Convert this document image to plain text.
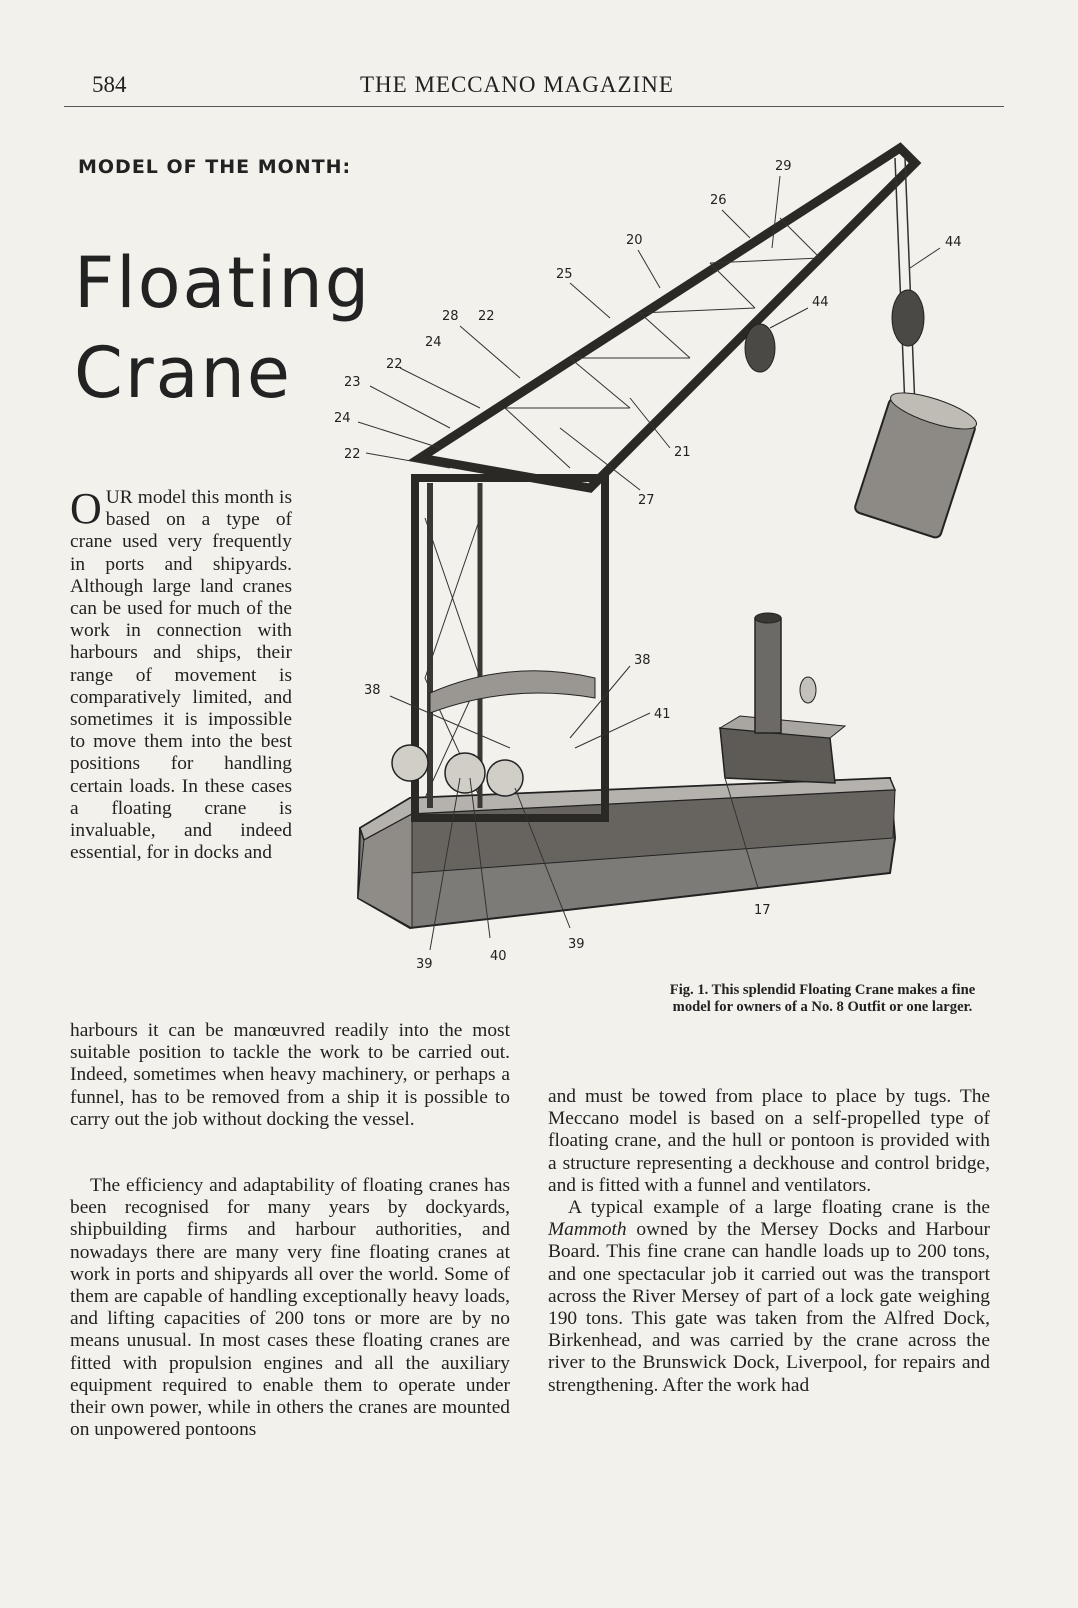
584	THE MECCANO MAGAZINE
MODEL OF THE MONTH:
Floating
Crane
29
26
20	44
25
44
28 22
24
22
23
24
21
22
27
38
41
38
17
39
40
39
Fig. 1. This splendid Floating Crane makes a fine model for owners of a No. 8 Outfit or one larger.
OUR model this month is based on a type of crane used very frequently in ports and shipyards. Although large land cranes can be used for much of the work in connection with harbours and ships, their range of movement is comparatively limited, and sometimes it is impossible to move them into the best positions for handling certain loads. In these cases a floating crane is invaluable, and indeed essential, for in docks and
harbours it can be manœuvred readily into the most suitable position to tackle the work to be carried out. Indeed, sometimes when heavy machinery, or perhaps a funnel, has to be removed from a ship it is possible to carry out the job without docking the vessel.
The efficiency and adaptability of floating cranes has been recognised for many years by dockyards, shipbuilding firms and harbour authorities, and nowadays there are many very fine floating cranes at work in ports and shipyards all over the world. Some of them are capable of handling exceptionally heavy loads, and lifting capacities of 200 tons or more are by no means unusual. In most cases these floating cranes are fitted with propulsion engines and all the auxiliary equipment required to enable them to operate under their own power, while in others the cranes are mounted on unpowered pontoons

and must be towed from place to place by tugs. The Meccano model is based on a self-propelled type of floating crane, and the hull or pontoon is provided with a structure representing a deckhouse and control bridge, and is fitted with a funnel and ventilators.

A typical example of a large floating crane is the Mammoth owned by the Mersey Docks and Harbour Board. This fine crane can handle loads up to 200 tons, and one spectacular job it carried out was the transport across the River Mersey of part of a lock gate weighing 190 tons. This gate was taken from the Alfred Dock, Birkenhead, and was carried by the crane across the river to the Brunswick Dock, Liverpool, for repairs and strengthening. After the work had
